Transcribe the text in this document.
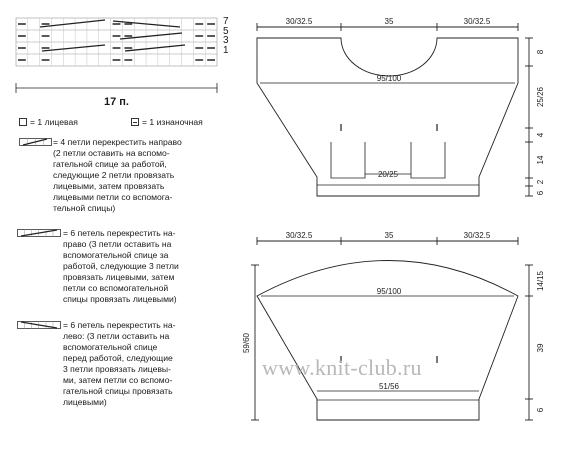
7
5
3
1
17 п.
= 1 лицевая	= 1 изнаночная
= 4 петли перекрестить направо
(2 петли оставить на вспомо-
гательной спице за работой,
следующие 2 петли провязать
лицевыми, затем провязать
лицевыми петли со вспомога-
тельной спицы)
= 6 петель перекрестить на-
право (3 петли оставить на
вспомогательной спице за
работой, следующие 3 петли
провязать лицевыми, затем
петли со вспомогательной
спицы провязать лицевыми)
= 6 петель перекрестить на-
лево: (3 петли оставить на
вспомогательной спице
перед работой, следующие
3 петли провязать лицевы-
ми, затем петли со вспомо-
гательной спицы провязать
лицевыми)
30/32.5	35	30/32.5
95/100
20/25
8
25/26
4
14
2
6
30/32.5	35	30/32.5
95/100
51/56
59/60
14/15
39
6
www.knit-club.ru
